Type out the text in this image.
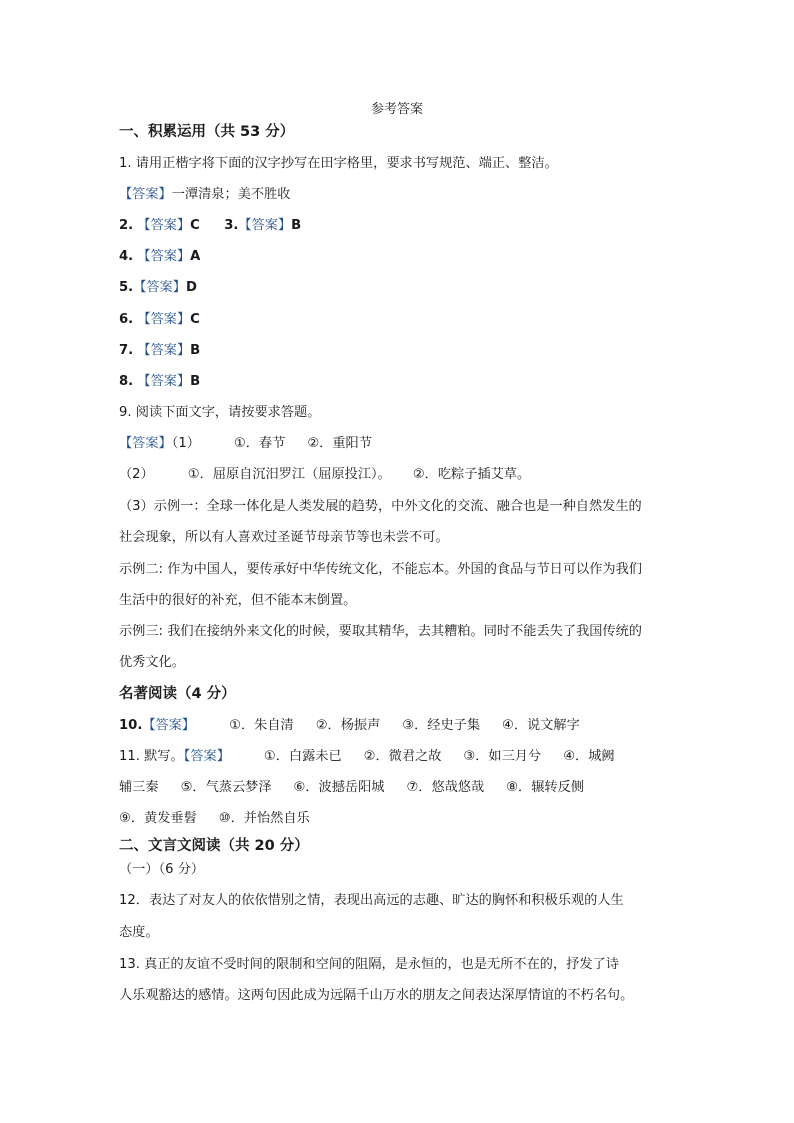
参考答案
一、积累运用（共 53 分）
1. 请用正楷字将下面的汉字抄写在田字格里，要求书写规范、端正、整洁。
【答案】一潭清泉；美不胜收
2. 【答案】C 3.【答案】B
4. 【答案】A
5.【答案】D
6. 【答案】C
7. 【答案】B
8. 【答案】B
9. 阅读下面文字，请按要求答题。
【答案】（1）	①．春节 ②．重阳节
（2）	①．屈原自沉汨罗江（屈原投江）。 ②．吃粽子插艾草。
（3）示例一：全球一体化是人类发展的趋势，中外文化的交流、融合也是一种自然发生的
社会现象，所以有人喜欢过圣诞节母亲节等也未尝不可。
示例二: 作为中国人，要传承好中华传统文化，不能忘本。外国的食品与节日可以作为我们
生活中的很好的补充，但不能本末倒置。
示例三: 我们在接纳外来文化的时候，要取其精华，去其糟粕。同时不能丢失了我国传统的
优秀文化。
名著阅读（4 分）
10.【答案】	①．朱自清 ②．杨振声 ③．经史子集 ④．说文解字
11. 默写。【答案】	①．白露未已 ②．微君之故 ③．如三月兮 ④．城阙
辅三秦 ⑤．气蒸云梦泽 ⑥．波撼岳阳城 ⑦．悠哉悠哉 ⑧．辗转反侧
⑨．黄发垂髫 ⑩．并怡然自乐
二、文言文阅读（共 20 分）
（一）（6 分）
12．表达了对友人的依依惜别之情，表现出高远的志趣、旷达的胸怀和积极乐观的人生
态度。
13. 真正的友谊不受时间的限制和空间的阻隔，是永恒的，也是无所不在的，抒发了诗
人乐观豁达的感情。这两句因此成为远隔千山万水的朋友之间表达深厚情谊的不朽名句。
